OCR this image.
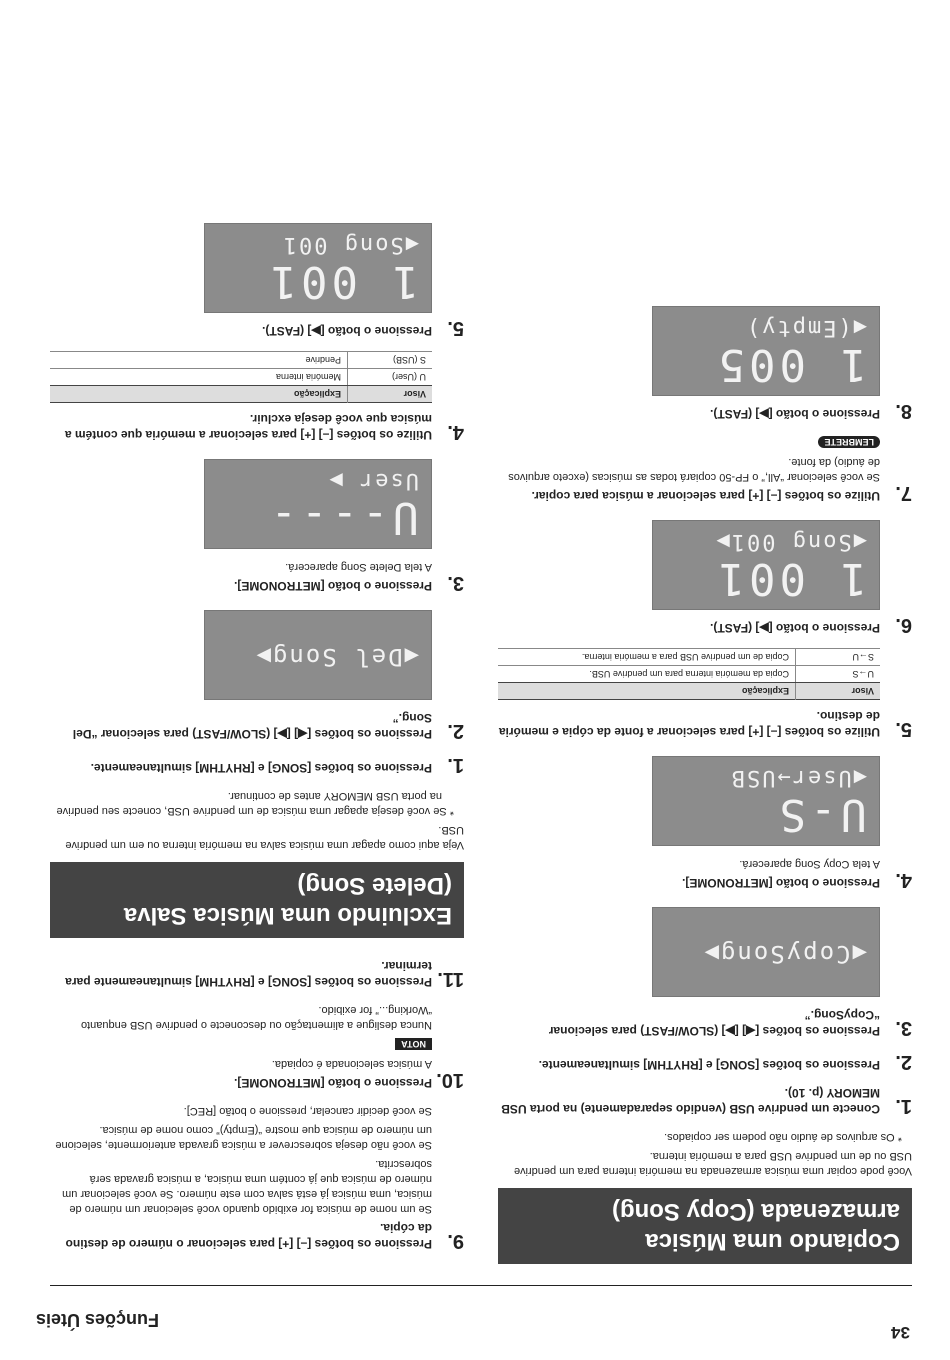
34
Funções Úteis
Copiando uma Música armazenada (Copy Song)

Você pode copiar uma música armazenada na memória interna para um pendrive USB ou de um pendrive USB para a memória interna.

* Os arquivos de áudio não podem ser copiados.
1.
Conecte um pendrive USB (vendido separadamente) na porta USB MEMORY (p. 10).
2.
Pressione os botões [SONG] e [RHYTHM] simultaneamente.
3.
Pressione os botões [◀] [▶] (SLOW/FAST) para selecionar “CopySong.”
◀CopySong▶
4.
Pressione o botão [METRONOME].
A tela Copy Song aparecerá.
U-S
◀User→USB
5.
Utilize os botões [–] [+] para selecionar a fonte da cópia e memória de destino.
Visor	Explicação
U→S	Copia da memória interna para um pendrive USB.
S→U	Copia de um pendrive USB para a memória interna.
6.
Pressione o botão [▶] (FAST).
1 001
◀Song 001▶
7.
Utilize os botões [–] [+] para selecionar a música para copiar.
Se você selecionar “All,” o FP-50 copiará todas as músicas (exceto arquivos de áudio) da fonte.
LEMBRETE
8.
Pressione o botão [▶] (FAST).
1 005
◀(Empty)
9.
Pressione os botões [–] [+] para selecionar o número de destino da cópia.
Se um nome de música for exibido quando você selecionar um número de música, uma música já está salva com este número. Se você selecionar um número de música que já contém uma música, a música gravada será sobrescrita.
Se você não deseja sobrescrever a música gravada anteriormente, selecione um número de música que mostre “(Empty)” como nome de música.
Se você decidir cancelar, pressione o botão [REC].
10.
Pressione o botão [METRONOME].
A música selecionada é copiada.
NOTA
Nunca desligue a alimentação ou desconecte o pendrive USB enquanto “Working...” for exibido.
11.
Pressione os botões [SONG] e [RHYTHM] simultaneamente para terminar.
Excluindo uma Música Salva (Delete Song)

Veja aqui como apagar uma música salva na memória interna ou em um pendrive USB.

* Se você deseja apagar uma música de um pendrive USB, conecte seu pendrive na porta USB MEMORY antes de continuar.
1.
Pressione os botões [SONG] e [RHYTHM] simultaneamente.
2.
Pressione os botões [◀] [▶] (SLOW/FAST) para selecionar “Del Song.”
◀Del Song▶
3.
Pressione o botão [METRONOME].
A tela Delete Song aparecerá.
U----
User ▶
4.
Utilize os botões [–] [+] para selecionar a memória que contém a música que você deseja excluir.
Visor	Explicação
U (User)	Memória interna
S (USB)	Pendrive
5.
Pressione o botão [▶] (FAST).
1 001
◀Song 001
